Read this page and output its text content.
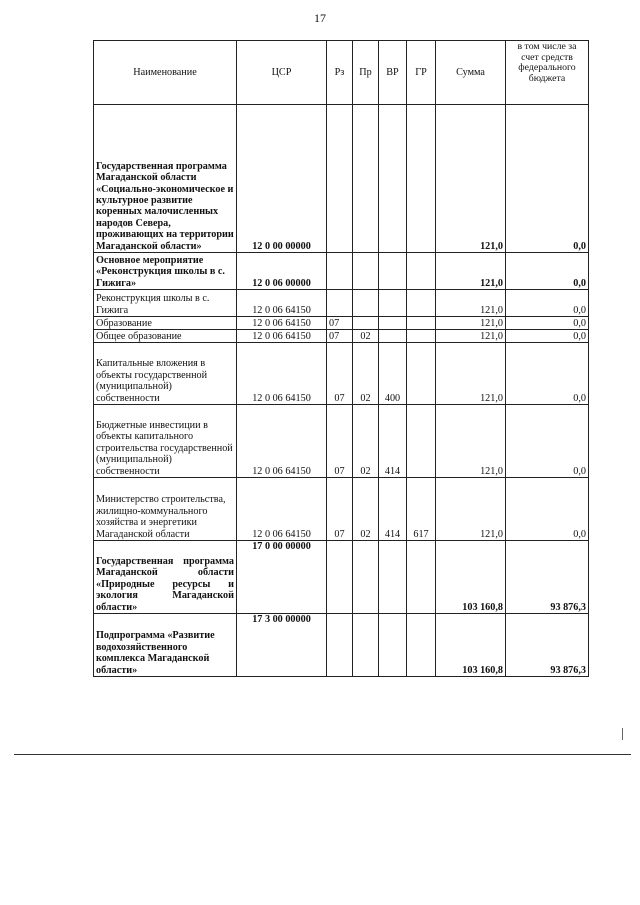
17
Наименование	ЦСР	Рз	Пр	ВР	ГР	Сумма	в том числе за счет средств федерального бюджета
Государственная программа Магаданской области «Социально-экономическое и культурное развитие коренных малочисленных народов Севера, проживающих на территории Магаданской области»	12 0 00 00000					121,0	0,0
Основное мероприятие «Реконструкция школы в с. Гижига»	12 0 06 00000					121,0	0,0
Реконструкция школы в с. Гижига	12 0 06 64150					121,0	0,0
Образование	12 0 06 64150	07				121,0	0,0
Общее образование	12 0 06 64150	07	02			121,0	0,0
Капитальные вложения в объекты государственной (муниципальной) собственности	12 0 06 64150	07	02	400		121,0	0,0
Бюджетные инвестиции в объекты капитального строительства государственной (муниципальной) собственности	12 0 06 64150	07	02	414		121,0	0,0
Министерство строительства, жилищно-коммунального хозяйства и энергетики Магаданской области	12 0 06 64150	07	02	414	617	121,0	0,0
Государственная программа Магаданской области «Природные ресурсы и экология Магаданской области»	17 0 00 00000					103 160,8	93 876,3
Подпрограмма «Развитие водохозяйственного комплекса Магаданской области»	17 3 00 00000					103 160,8	93 876,3
